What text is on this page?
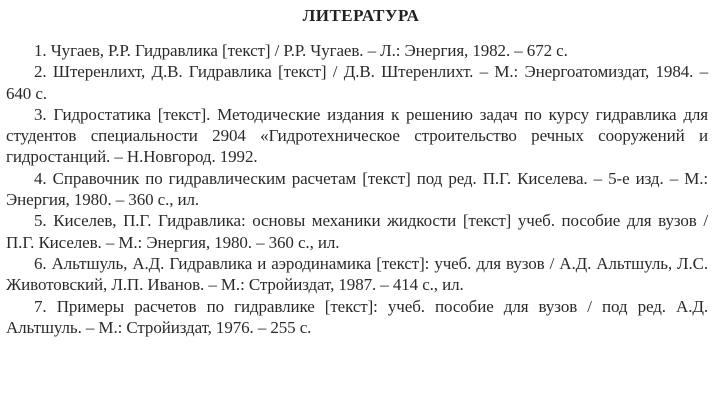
ЛИТЕРАТУРА
1. Чугаев, Р.Р. Гидравлика [текст] / Р.Р. Чугаев. – Л.: Энергия, 1982. – 672 с.
2. Штеренлихт, Д.В. Гидравлика [текст] / Д.В. Штеренлихт. – М.: Энергоатомиздат, 1984. – 640 с.
3. Гидростатика [текст]. Методические издания к решению задач по курсу гидравлика для студентов специальности 2904 «Гидротехническое строительство речных сооружений и гидростанций. – Н.Новгород. 1992.
4. Справочник по гидравлическим расчетам [текст] под ред. П.Г. Киселева. – 5-е изд. – М.: Энергия, 1980. – 360 с., ил.
5. Киселев, П.Г. Гидравлика: основы механики жидкости [текст] учеб. пособие для вузов / П.Г. Киселев. – М.: Энергия, 1980. – 360 с., ил.
6. Альтшуль, А.Д. Гидравлика и аэродинамика [текст]: учеб. для вузов / А.Д. Альтшуль, Л.С. Животовский, Л.П. Иванов. – М.: Стройиздат, 1987. – 414 с., ил.
7. Примеры расчетов по гидравлике [текст]: учеб. пособие для вузов / под ред. А.Д. Альтшуль. – М.: Стройиздат, 1976. – 255 с.
